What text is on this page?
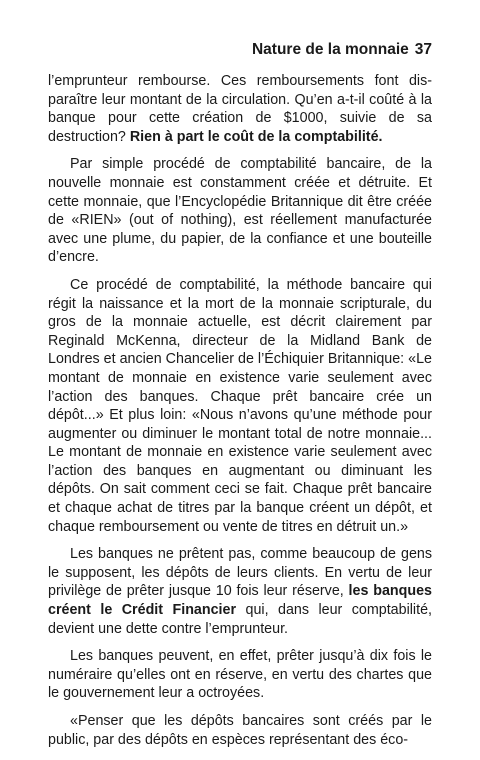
Nature de la monnaie 37

l’emprunteur rembourse. Ces remboursements font disparaître leur montant de la circulation. Qu’en a-t-il coûté à la banque pour cette création de $1000, suivie de sa destruction? Rien à part le coût de la comptabilité.

Par simple procédé de comptabilité bancaire, de la nouvelle monnaie est constamment créée et détruite. Et cette monnaie, que l’Encyclopédie Britannique dit être créée de «RIEN» (out of nothing), est réellement manufacturée avec une plume, du papier, de la confiance et une bouteille d’encre.

Ce procédé de comptabilité, la méthode bancaire qui régit la naissance et la mort de la monnaie scripturale, du gros de la monnaie actuelle, est décrit clairement par Reginald McKenna, directeur de la Midland Bank de Londres et ancien Chancelier de l’Échiquier Britannique: «Le montant de monnaie en existence varie seulement avec l’action des banques. Chaque prêt bancaire crée un dépôt...» Et plus loin: «Nous n’avons qu’une méthode pour augmenter ou diminuer le montant total de notre monnaie... Le montant de monnaie en existence varie seulement avec l’action des banques en augmentant ou diminuant les dépôts. On sait comment ceci se fait. Chaque prêt bancaire et chaque achat de titres par la banque créent un dépôt, et chaque remboursement ou vente de titres en détruit un.»

Les banques ne prêtent pas, comme beaucoup de gens le supposent, les dépôts de leurs clients. En vertu de leur privilège de prêter jusque 10 fois leur réserve, les banques créent le Crédit Financier qui, dans leur comptabilité, devient une dette contre l’emprunteur.

Les banques peuvent, en effet, prêter jusqu’à dix fois le numéraire qu’elles ont en réserve, en vertu des chartes que le gouvernement leur a octroyées.

«Penser que les dépôts bancaires sont créés par le public, par des dépôts en espèces représentant des éco-
